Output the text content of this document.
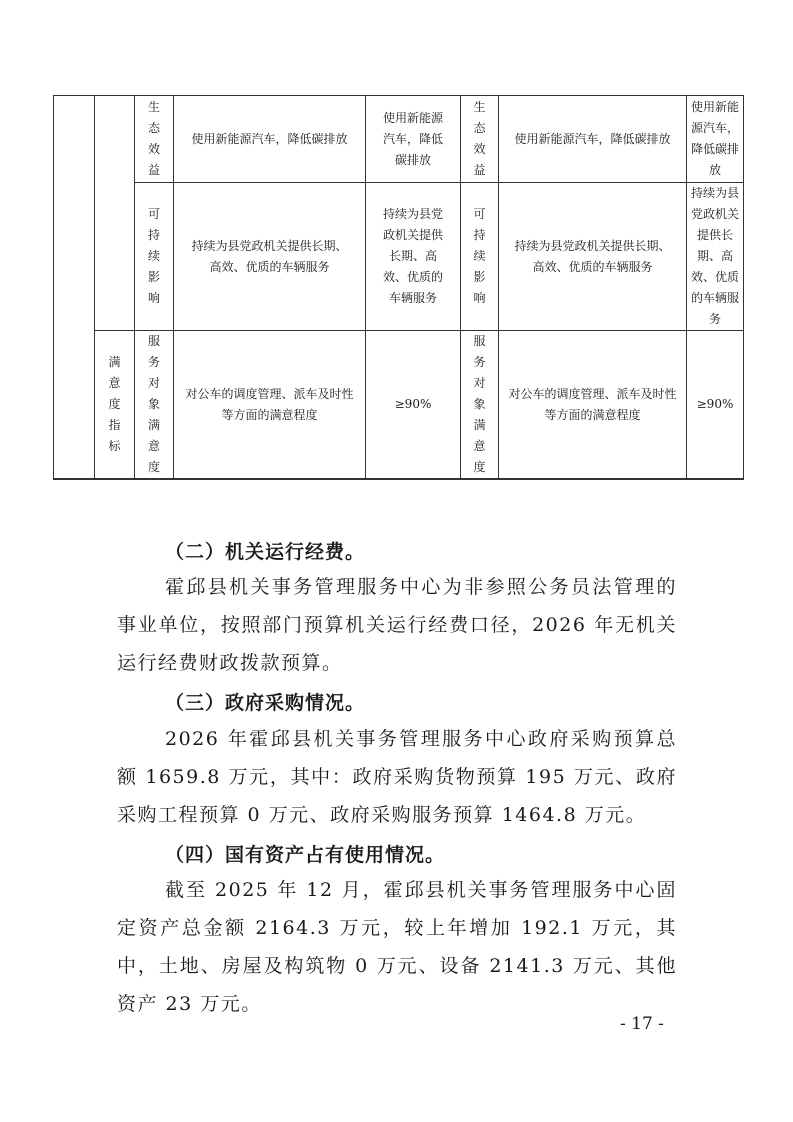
		生态效益	使用新能源汽车，降低碳排放	使用新能源汽车，降低碳排放	生态效益	使用新能源汽车，降低碳排放	使用新能源汽车，降低碳排放
		可持续影响	持续为县党政机关提供长期、高效、优质的车辆服务	持续为县党政机关提供长期、高效、优质的车辆服务	可持续影响	持续为县党政机关提供长期、高效、优质的车辆服务	持续为县党政机关提供长期、高效、优质的车辆服务
	满意度指标	服务对象满意度	对公车的调度管理、派车及时性等方面的满意程度	≥90%	服务对象满意度	对公车的调度管理、派车及时性等方面的满意程度	≥90%
（二）机关运行经费。
霍邱县机关事务管理服务中心为非参照公务员法管理的事业单位，按照部门预算机关运行经费口径，2026 年无机关运行经费财政拨款预算。
（三）政府采购情况。
2026 年霍邱县机关事务管理服务中心政府采购预算总额 1659.8 万元，其中：政府采购货物预算 195 万元、政府采购工程预算 0 万元、政府采购服务预算 1464.8 万元。
（四）国有资产占有使用情况。
截至 2025 年 12 月，霍邱县机关事务管理服务中心固定资产总金额 2164.3 万元，较上年增加 192.1 万元，其中，土地、房屋及构筑物 0 万元、设备 2141.3 万元、其他资产 23 万元。
- 17 -
